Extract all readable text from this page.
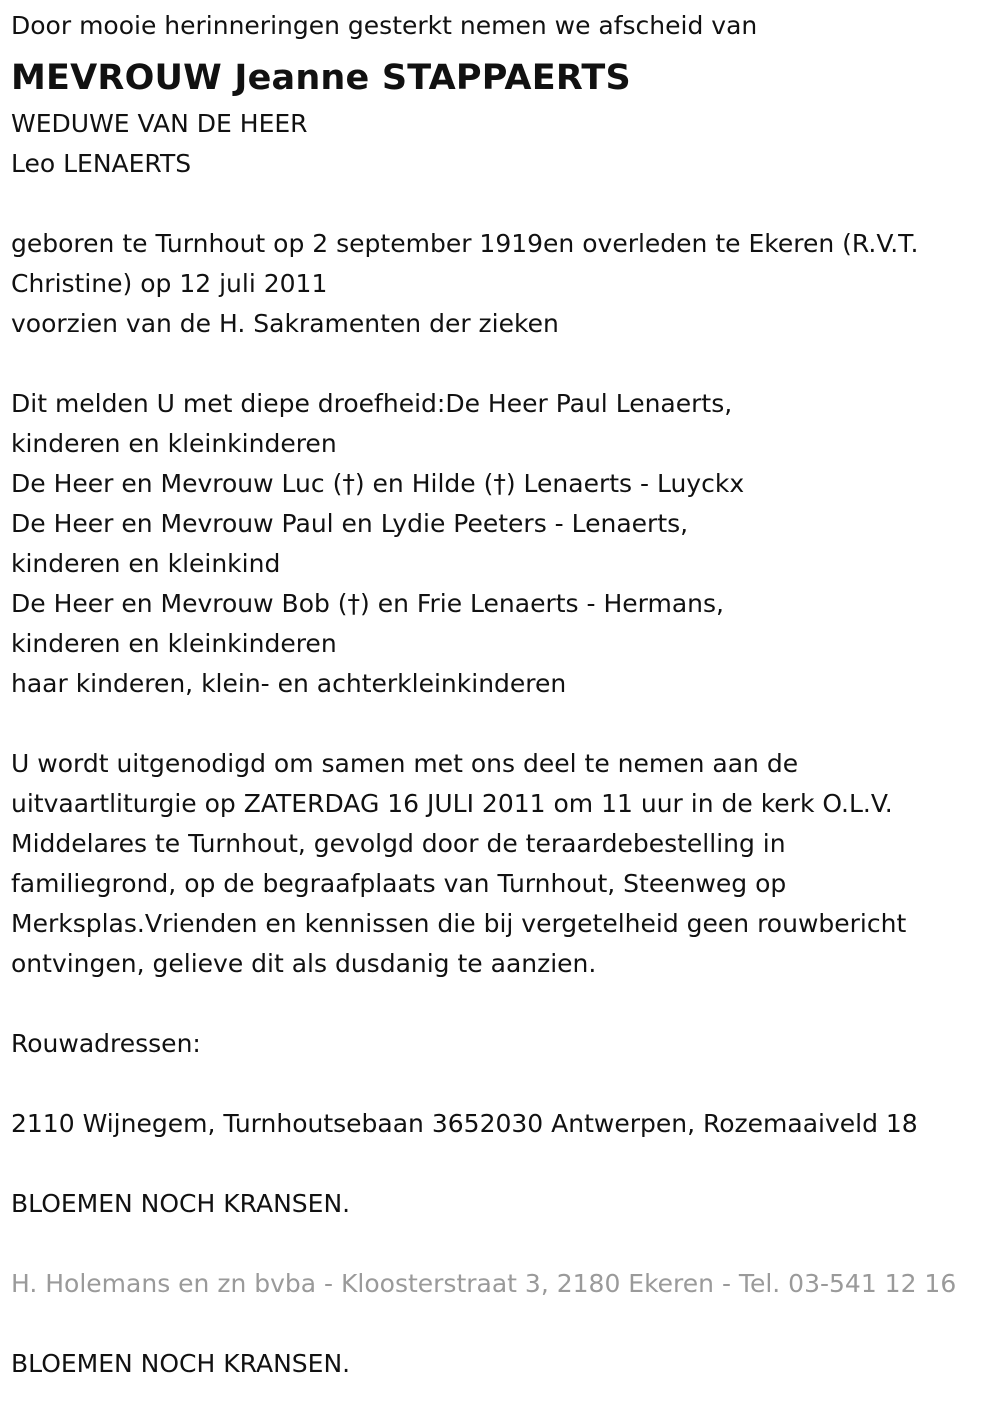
Door mooie herinneringen gesterkt nemen we afscheid van
MEVROUW Jeanne STAPPAERTS
WEDUWE VAN DE HEER
Leo LENAERTS
geboren te Turnhout op 2 september 1919en overleden te Ekeren (R.V.T.
Christine) op 12 juli 2011
voorzien van de H. Sakramenten der zieken
Dit melden U met diepe droefheid:De Heer Paul Lenaerts,
kinderen en kleinkinderen
De Heer en Mevrouw Luc (†) en Hilde (†) Lenaerts - Luyckx
De Heer en Mevrouw Paul en Lydie Peeters - Lenaerts,
kinderen en kleinkind
De Heer en Mevrouw Bob (†) en Frie Lenaerts - Hermans,
kinderen en kleinkinderen
haar kinderen, klein- en achterkleinkinderen
U wordt uitgenodigd om samen met ons deel te nemen aan de
uitvaartliturgie op ZATERDAG 16 JULI 2011 om 11 uur in de kerk O.L.V.
Middelares te Turnhout, gevolgd door de teraardebestelling in
familiegrond, op de begraafplaats van Turnhout, Steenweg op
Merksplas.Vrienden en kennissen die bij vergetelheid geen rouwbericht
ontvingen, gelieve dit als dusdanig te aanzien.
Rouwadressen:
2110 Wijnegem, Turnhoutsebaan 3652030 Antwerpen, Rozemaaiveld 18
BLOEMEN NOCH KRANSEN.
H. Holemans en zn bvba - Kloosterstraat 3, 2180 Ekeren - Tel. 03-541 12 16
BLOEMEN NOCH KRANSEN.
